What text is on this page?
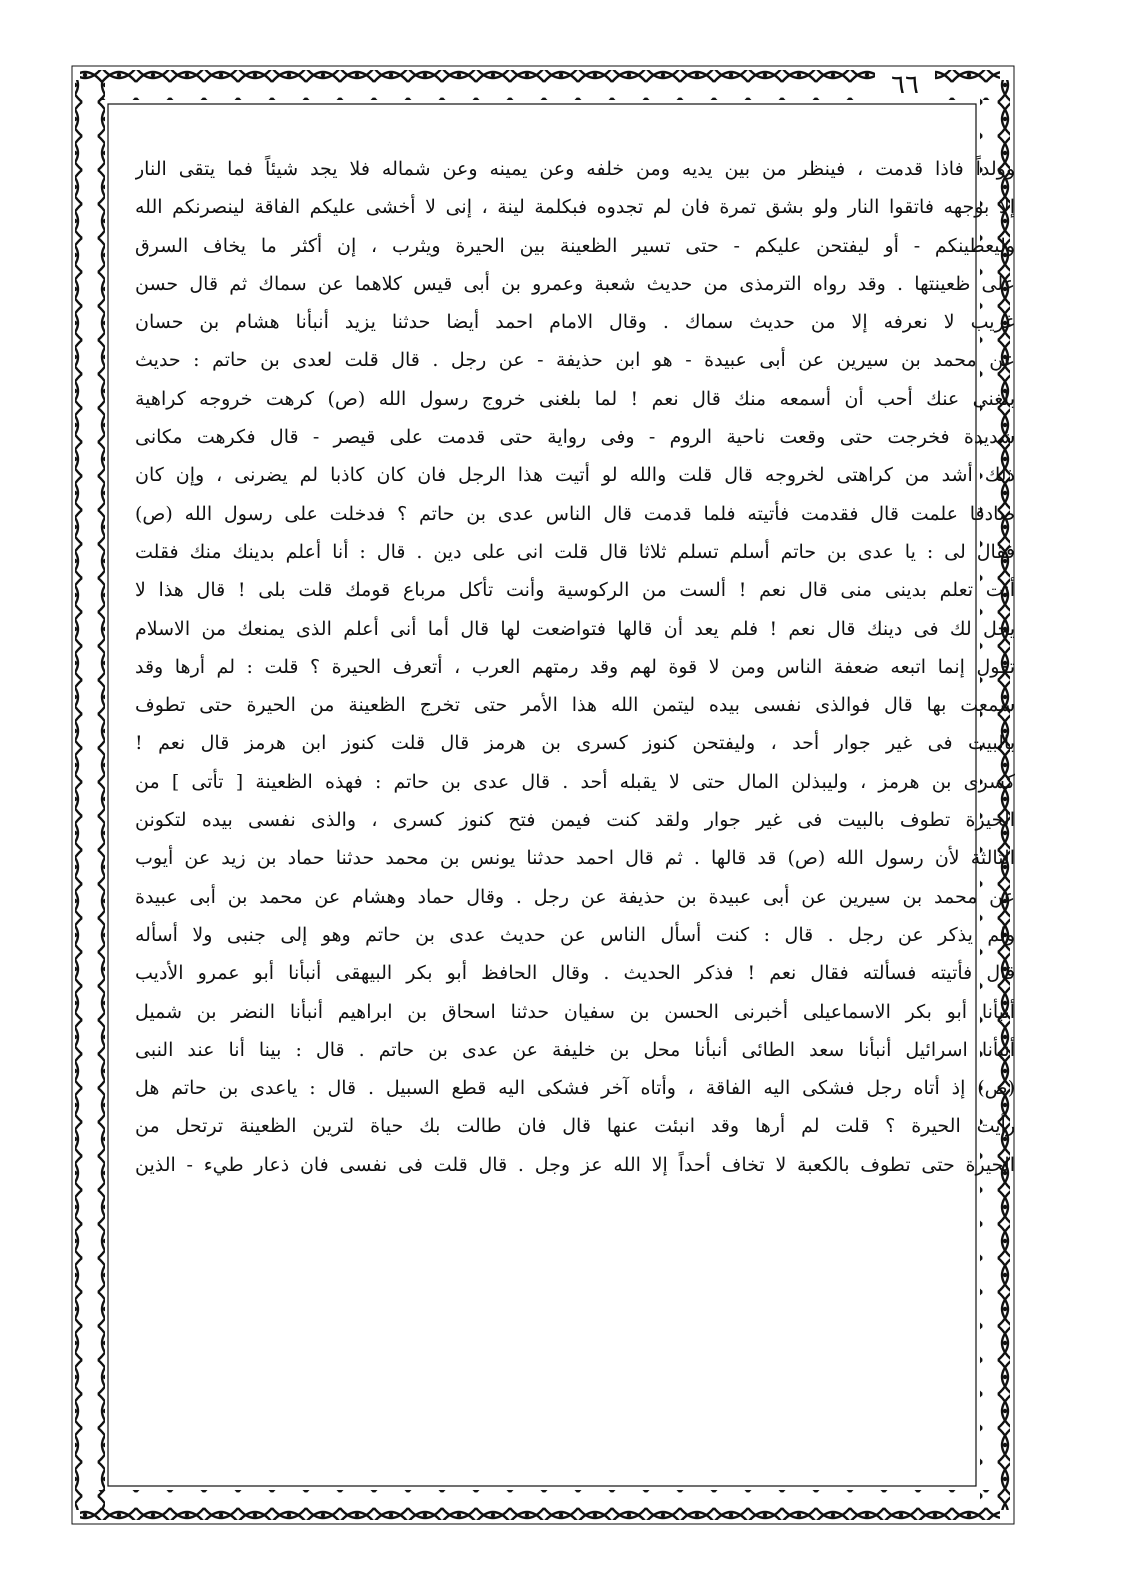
٦٦
وولداً فاذا قدمت ، فينظر من بين يديه ومن خلفه وعن يمينه وعن شماله فلا يجد شيئاً فما يتقى النار
إلا بوجهه فاتقوا النار ولو بشق تمرة فان لم تجدوه فبكلمة لينة ، إنى لا أخشى عليكم الفاقة لينصرنكم الله
وليعطينكم - أو ليفتحن عليكم - حتى تسير الظعينة بين الحيرة ويثرب ، إن أكثر ما يخاف السرق
على ظعينتها . وقد رواه الترمذى من حديث شعبة وعمرو بن أبى قيس كلاهما عن سماك ثم قال حسن
غريب لا نعرفه إلا من حديث سماك . وقال الامام احمد أيضا حدثنا يزيد أنبأنا هشام بن حسان
عن محمد بن سيرين عن أبى عبيدة - هو ابن حذيفة - عن رجل . قال قلت لعدى بن حاتم : حديث
بلغنى عنك أحب أن أسمعه منك قال نعم ! لما بلغنى خروج رسول الله (ص) كرهت خروجه كراهية
شديدة فخرجت حتى وقعت ناحية الروم - وفى رواية حتى قدمت على قيصر - قال فكرهت مكانى
ذلك أشد من كراهتى لخروجه قال قلت والله لو أتيت هذا الرجل فان كان كاذبا لم يضرنى ، وإن كان
صادقا علمت قال فقدمت فأتيته فلما قدمت قال الناس عدى بن حاتم ؟ فدخلت على رسول الله (ص)
فقال لى : يا عدى بن حاتم أسلم تسلم ثلاثا قال قلت انى على دين . قال : أنا أعلم بدينك منك فقلت
أنت تعلم بدينى منى قال نعم ! ألست من الركوسية وأنت تأكل مرباع قومك قلت بلى ! قال هذا لا
يحل لك فى دينك قال نعم ! فلم يعد أن قالها فتواضعت لها قال أما أنى أعلم الذى يمنعك من الاسلام
تقول إنما اتبعه ضعفة الناس ومن لا قوة لهم وقد رمتهم العرب ، أتعرف الحيرة ؟ قلت : لم أرها وقد
سمعت بها قال فوالذى نفسى بيده ليتمن الله هذا الأمر حتى تخرج الظعينة من الحيرة حتى تطوف
بالبيت فى غير جوار أحد ، وليفتحن كنوز كسرى بن هرمز قال قلت كنوز ابن هرمز قال نعم !
كسرى بن هرمز ، وليبذلن المال حتى لا يقبله أحد . قال عدى بن حاتم : فهذه الظعينة [ تأتى ] من
الحيرة تطوف بالبيت فى غير جوار ولقد كنت فيمن فتح كنوز كسرى ، والذى نفسى بيده لتكونن
الثالثة لأن رسول الله (ص) قد قالها . ثم قال احمد حدثنا يونس بن محمد حدثنا حماد بن زيد عن أيوب
عن محمد بن سيرين عن أبى عبيدة بن حذيفة عن رجل . وقال حماد وهشام عن محمد بن أبى عبيدة
ولم يذكر عن رجل . قال : كنت أسأل الناس عن حديث عدى بن حاتم وهو إلى جنبى ولا أسأله
قال فأتيته فسألته فقال نعم ! فذكر الحديث . وقال الحافظ أبو بكر البيهقى أنبأنا أبو عمرو الأديب
أنبأنا أبو بكر الاسماعيلى أخبرنى الحسن بن سفيان حدثنا اسحاق بن ابراهيم أنبأنا النضر بن شميل
أنبأنا اسرائيل أنبأنا سعد الطائى أنبأنا محل بن خليفة عن عدى بن حاتم . قال : بينا أنا عند النبى
(ص) إذ أتاه رجل فشكى اليه الفاقة ، وأتاه آخر فشكى اليه قطع السبيل . قال : ياعدى بن حاتم هل
رأيت الحيرة ؟ قلت لم أرها وقد انبئت عنها قال فان طالت بك حياة لترين الظعينة ترتحل من
الحيرة حتى تطوف بالكعبة لا تخاف أحداً إلا الله عز وجل . قال قلت فى نفسى فان ذعار طيء - الذين
